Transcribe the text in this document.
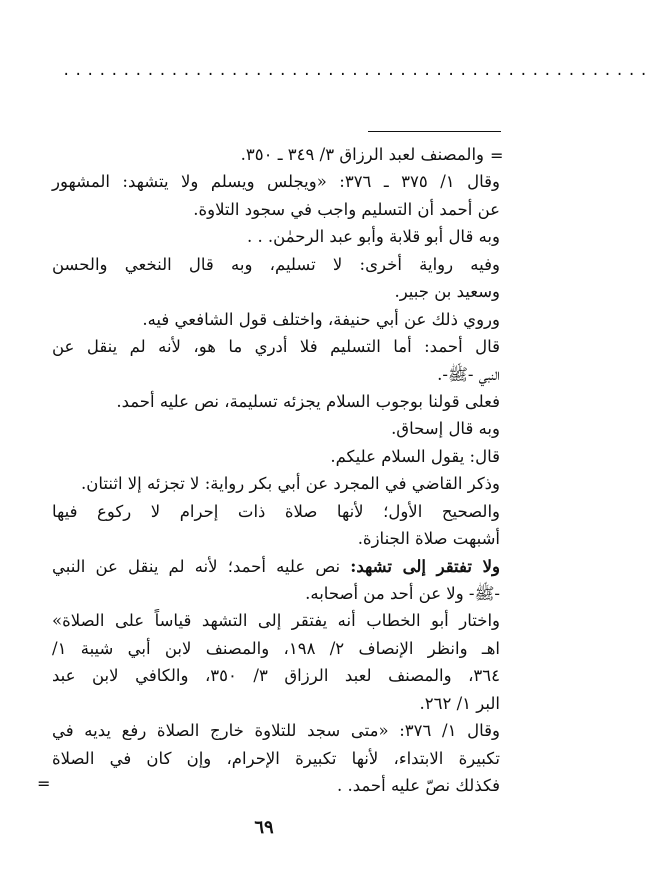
.................................................
=
والمصنف لعبد الرزاق ٣/ ٣٤٩ ـ ٣٥٠.
وقال ١/ ٣٧٥ ـ ٣٧٦: «ويجلس ويسلم ولا يتشهد: المشهور
عن أحمد أن التسليم واجب في سجود التلاوة.
وبه قال أبو قلابة وأبو عبد الرحمٰن. . .
وفيه رواية أخرى: لا تسليم، وبه قال النخعي والحسن
وسعيد بن جبير.
وروي ذلك عن أبي حنيفة، واختلف قول الشافعي فيه.
قال أحمد: أما التسليم فلا أدري ما هو، لأنه لم ينقل عن
النبي -ﷺ-.
فعلى قولنا بوجوب السلام يجزئه تسليمة، نص عليه أحمد.
وبه قال إسحاق.
قال: يقول السلام عليكم.
وذكر القاضي في المجرد عن أبي بكر رواية: لا تجزئه إلا اثنتان.
والصحيح الأول؛ لأنها صلاة ذات إحرام لا ركوع فيها
أشبهت صلاة الجنازة.
ولا تفتقر إلى تشهد: نص عليه أحمد؛ لأنه لم ينقل عن النبي
-ﷺ- ولا عن أحد من أصحابه.
واختار أبو الخطاب أنه يفتقر إلى التشهد قياساً على الصلاة»
اهـ وانظر الإنصاف ٢/ ١٩٨، والمصنف لابن أبي شيبة ١/
٣٦٤، والمصنف لعبد الرزاق ٣/ ٣٥٠، والكافي لابن عبد
البر ١/ ٢٦٢.
وقال ١/ ٣٧٦: «متى سجد للتلاوة خارج الصلاة رفع يديه في
تكبيرة الابتداء، لأنها تكبيرة الإحرام، وإن كان في الصلاة
فكذلك نصّ عليه أحمد. .
=
٦٩
